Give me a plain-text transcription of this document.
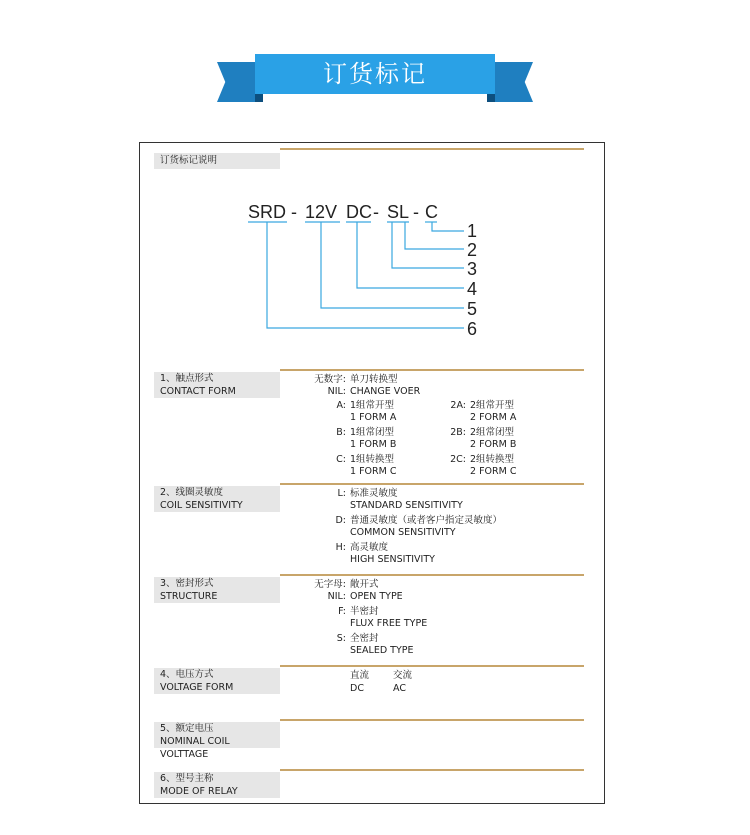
订货标记
订货标记说明
SRD - 12V DC - SL - C
1
2
3
4
5
6
1、触点形式
CONTACT FORM
无数字: 单刀转换型
NIL: CHANGE VOER
A: 1组常开型
1 FORM A
2A: 2组常开型
2 FORM A
B: 1组常闭型
1 FORM B
2B: 2组常闭型
2 FORM B
C: 1组转换型
1 FORM C
2C: 2组转换型
2 FORM C
2、线圈灵敏度
COIL SENSITIVITY
L: 标准灵敏度
STANDARD SENSITIVITY
D: 普通灵敏度（或者客户指定灵敏度）
COMMON SENSITIVITY
H: 高灵敏度
HIGH SENSITIVITY
3、密封形式
STRUCTURE
无字母: 敞开式
NIL: OPEN TYPE
F: 半密封
FLUX FREE TYPE
S: 全密封
SEALED TYPE
4、电压方式
VOLTAGE FORM
直流
DC
交流
AC
5、额定电压
NOMINAL COIL VOLTTAGE
6、型号主称
MODE OF RELAY
